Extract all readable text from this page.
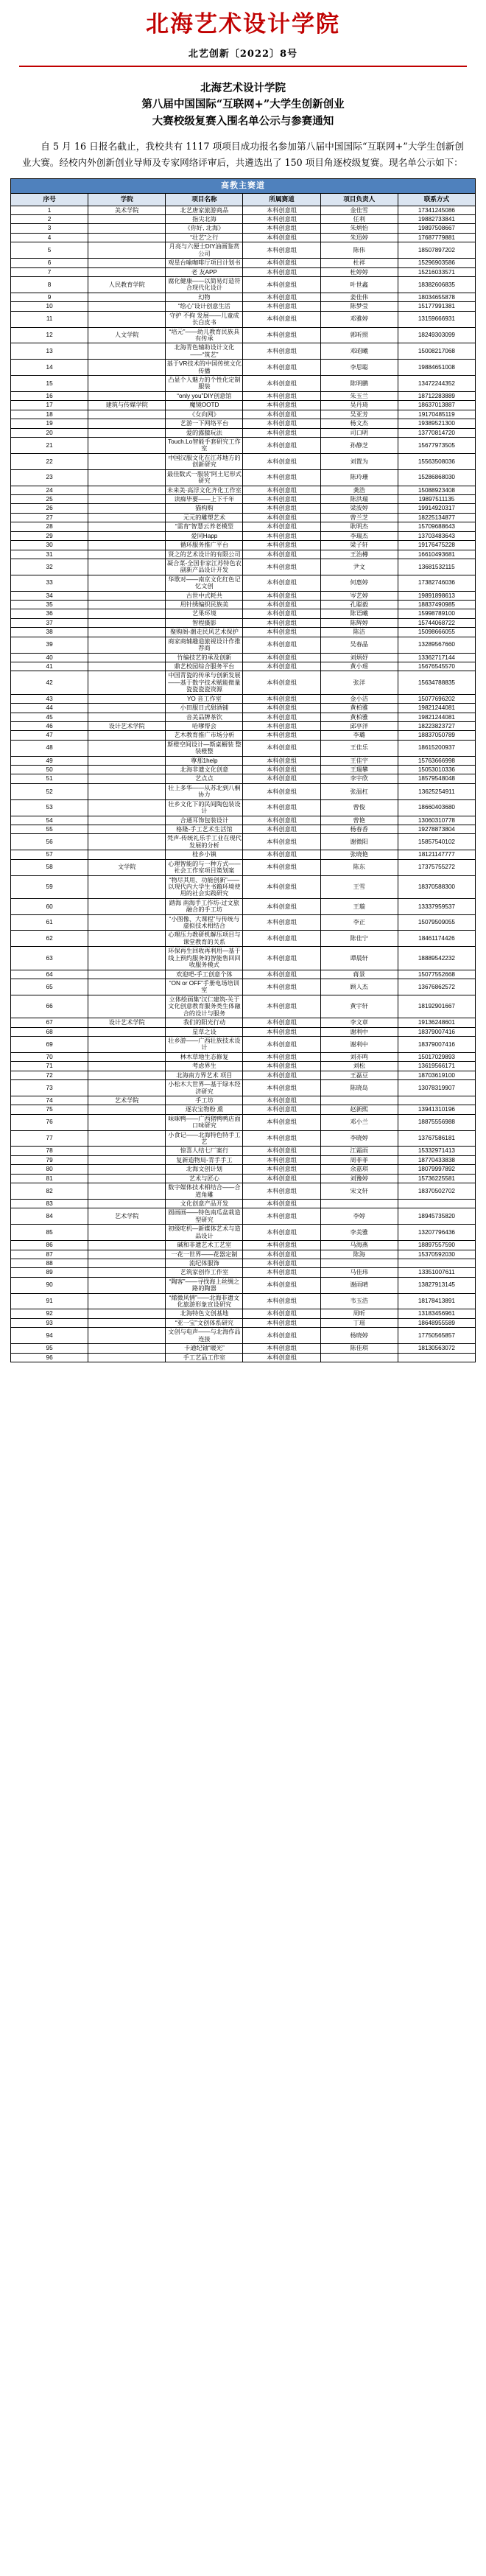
北海艺术设计学院
北艺创新〔2022〕8号
北海艺术设计学院
第八届中国国际“互联网+”大学生创新创业
大赛校级复赛入围名单公示与参赛通知
自 5 月 16 日报名截止，我校共有 1117 项项目成功报名参加第八届中国国际“互联网+”大学生创新创业大赛。经校内外创新创业导师及专家网络评审后，共遴选出了 150 项目角逐校级复赛。现名单公示如下：
高教主赛道					
序号	学院	项目名称	所属赛道	项目负责人	联系方式
1	美术学院	北艺唐家旅游商品	本科创意组	金佳雪	17341245086
2		指尖北海	本科创意组	任利	19882733841
3		《你好, 北海》	本科创意组	朱炳怡	19897508667
4		“壮艺”之行	本科创意组	朱迅婷	17687779881
5		月亮与六便士DIY油画鉴赏公司	本科创意组	陈伟	18507897202
6		观星台喻咖啡厅项目计划书	本科创意组	杜祥	15296903586
7		老 友APP	本科创意组	杜婷婷	15216033571
8	人民教育学院	腐化健康——以简易灯造符合现代化设计	本科创意组	叶世鑫	18382606835
9		幻物	本科创意组	姜佳伟	18034655878
10		“绘心”设计创意生活	本科创意组	陈梦莹	15177991381
11		守护 不拘 发展——儿童成长白皮书	本科创意组	邓雅婷	13159666931
12	人文学院	“培元”——幼儿教育民族具有传承	本科创意组	郭昕照	18249303099
13		北海青色辅助设计文化——“筑艺”	本科创意组	邓昭曦	15008217068
14		基于VR技术的中国传统文化传播	本科创意组	李思聪	19884651008
15		凸显个人魅力的个性化定制服装	本科创意组	陈明鹏	13472244352
16		“only you”DIY创意馆	本科创意组	朱玉兰	18712283889
17	建筑与传媒学院	魔镜OOTD	本科创意组	吴丹琦	18637013887
18		《女向网》	本科创意组	吴亚芳	19170485119
19		艺游一下网络平台	本科创意组	杨文杰	19389521300
20		爱的露膝玩法	本科创意组	司口明	13770814720
21		Touch.Lo智能手套研究工作室	本科创意组	孙静芝	15677973505
22		中国汉服文化在江苏地方的创新研究	本科创意组	刘置为	15563508036
23		最佳数式一服装“阿土尼形式研究	本科创意组	陈玲珊	15286868030
24		未来美·高浮文化齐化工作室	本科创意组	龚浩	15088923408
25		读痴毕要——上下千年	本科创意组	陈洪瑞	19897511135
26		猫构购	本科创意组	梁波婷	19914920317
27		元元的雕塑艺术	本科创意组	曾兰芝	18225134877
28		“需育”智慧云养老模型	本科创意组	耿明杰	15709688643
29		爱同Happ	本科创意组	李瑞杰	13703483643
30		循环服务推广平台	本科创意组	梁子轩	19176475228
31		贤之的艺术设计的有限公司	本科创意组	王治樽	16610493681
32		凝合菜-全国非家江苏特色农副新产品设计开发	本科创意组	尹文	13681532115
33		华歌对——南京文化红色记忆文创	本科创意组	何惠婷	17382746036
34		古世中式耗共	本科创意组	岑艺婷	19891898613
35		用针绣编织民族美	本科创意组	孔聪毅	18837490985
36		艺果环境	本科创意组	陈语曦	15998789100
37		智程摄影	本科创意组	陈辉婷	15744068722
38		聚购阁-潮走民风艺术保护	本科创意组	陈洁	15098666055
39		商家商辅趣造旅视设计作推荐商	本科创意组	吴春晶	13289567660
40		竹编技艺的承及创新	本科创意组	刘炳妤	13362717144
41		鼎艺校园综合服务平台	本科创意组	黄小瑶	15676545570
42		中国青瓷的传承与创新发展——基于数字技术赋能微量瓷瓷瓷瓷资源	本科创意组	张洋	15634788835
43		YO 音工作室	本科创意组	金小洁	15077696202
44		小田服日式甜酒铺	本科创意组	黄柏雅	19821244081
45		音美品牌茶饮	本科创意组	黄柏雅	19821244081
46	设计艺术学院	哈嗲帮会	本科创意组	邱亭洋	18223823727
47		艺木教育推广市场分析	本科创意组	李璐	18837050789
48		斯橙空间设计—斯桌橱装 整装橙整	本科创意组	王佳乐	18615200937
49		尊那1help	本科创意组	王佳宇	15763666998
50		北海非遗文化创意	本科创意组	王瑞攀	15053010336
51		艺点点	本科创意组	李宇欣	18579548048
52		壮上多华——从苏北到八桐协力	本科创意组	张温杠	13625254911
53		壮乡文化下的民间陶包装设计	本科创意组	曾俊	18660403680
54		合通耳饰包装设计	本科创意组	曾艳	13060310778
55		格隆-手工艺术生活馆	本科创意组	杨春香	19278873804
56		梵声-传统礼乐手工业在现代发展的分析	本科创意组	谢微阳	15857540102
57		桂乡小镇	本科创意组	张晓艳	18121147777
58	文学院	心理智能的与一种方式——社会工作室项目策划案	本科创意组	陈东	17375755272
59		“物尽其用、功能创新”——以现代内大学生书籍环境使用的社会实践研究	本科创意组	王雪	18370588300
60		踏海 南海手工作坊-过文旅融合的手工坊	本科创意组	王璇	13337959537
61		“小图像、大课程”与传统与虚拟技术相结合	本科创意组	李正	15079509055
62		心理压力教研机解压项目与课堂教育的关系	本科创意组	陈佳宁	18461174426
63		环保再生回收再利用—基于线上预约服务的智能售回回收服务模式	本科创意组	谭晨轩	18889542232
64		欢迎吧-手工创意个体	本科创意组	蒋景	15077552668
65		“ON or OFF”手册电场培训室	本科创意组	顾人杰	13676862572
66		立体绘画集“汉仁建筑-关于文化创意教育服务类生体融合的设计与服务	本科创意组	黄宇轩	18192901667
67	设计艺术学院	我们的阳光行动	本科创意组	李文章	19136248601
68		星草之设	本科创意组	谢利中	18379007416
69		壮乡游——广西壮族技术设计	本科创意组	谢利中	18379007416
70		林木草地生态修复	本科创意组	刘亦鸣	15017029893
71		考虑界生	本科创意组	刘松	13619566171
72		北海南方界艺术 项目	本科创意组	王磊豆	18703619100
73		小松木大世界—基于绿木经济研究	本科创意组	陈晓岛	13078319907
74	艺术学院	手工坊	本科创意组		
75		逐农宝物粉 熏	本科创意组	赵新熙	13941310196
76		味咪鸭——广西猪鸭鸭店面口味研究	本科创意组	邓小兰	18875556988
77		小食记——北海特色特手工艺	本科创意组	李晓婷	13767586181
78		惊喜人结七厂案行	本科创意组	江霜雨	15332971413
79		复新造物局-青手手工	本科创意组	周菲菲	18770433838
80		北海文创计划	本科创意组	余嘉琪	18079997892
81		艺术与匠心	本科创意组	刘豫婷	15736225581
82		数字媒体技术相结合——合道角雕	本科创意组	宋文轩	18370502702
83		文化创意产品开发	本科创意组		
84	艺术学院	圆画画——特色南瓜盆栽造型研究	本科创意组	李婷	18945735820
85		初级吃机—新媒体艺术与造品设计	本科创意组	李美雅	13207796436
86		碱和非遗艺术工艺室	本科创意组	马海燕	18897557590
87		一花一世界——花器定制	本科创意组	陈海	15370592030
88		流纪体服饰	本科创意组		
89		艺筑家创作工作室	本科创意组	马佳玮	13351007611
90		“陶客”——寻找海上丝绸之路的陶器	本科创意组	谢雨晴	13827913145
91		“烯微风情”——北海非遗文化旅游形象宣设研究	本科创意组	韦玉浩	18178413891
92		北海特色文创基地	本科创意组	周昕	13183456961
93		“亚一宝”文创体系研究	本科创意组	丁瑶	18648955589
94		文创与电声——与北海作品连接	本科创意组	杨晓婷	17750565857
95		卡通纪铀“暖光”	本科创意组	陈佳琪	18130563072
96		手工艺品工作室	本科创意组		
